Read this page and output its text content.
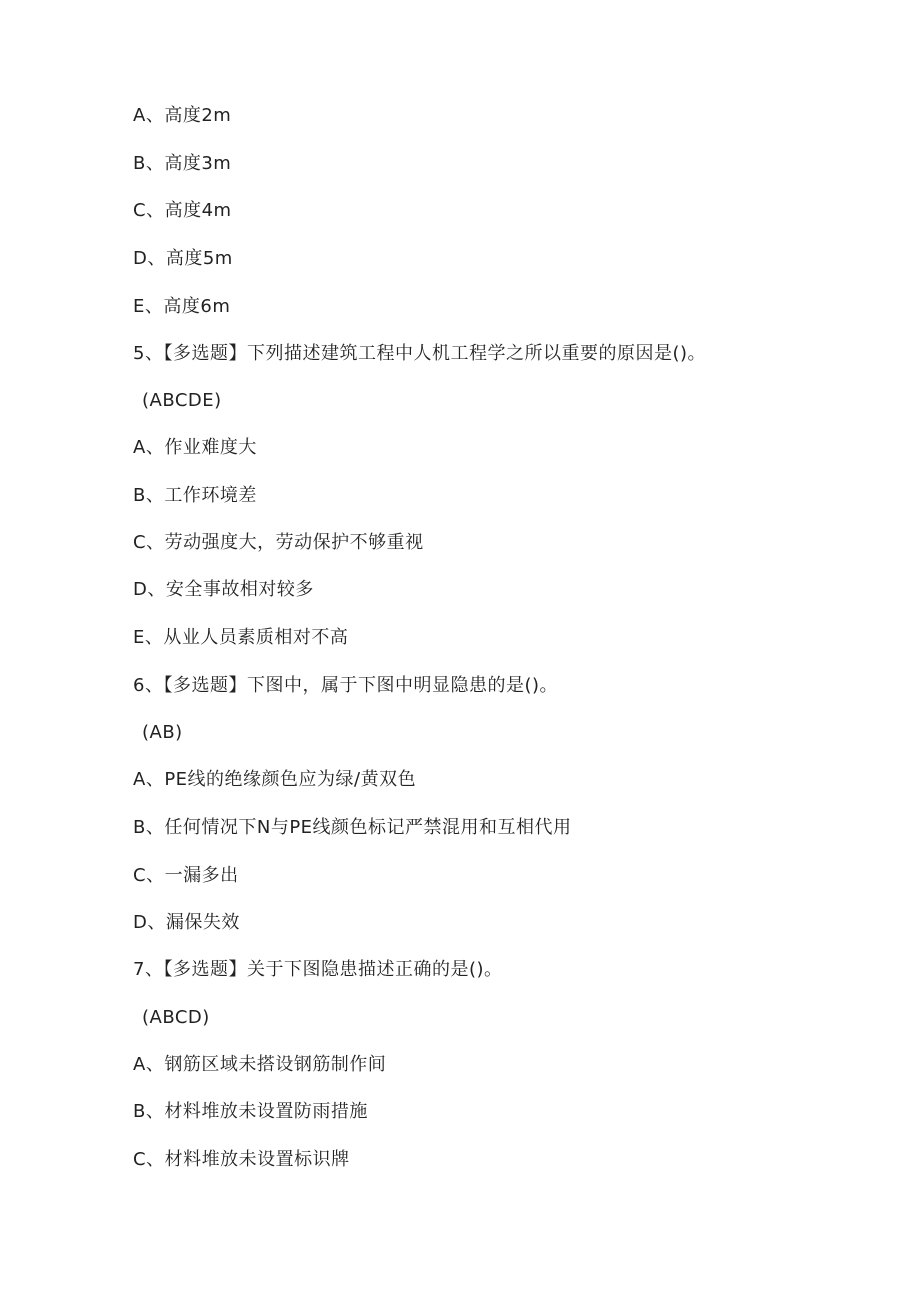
A、高度2m
B、高度3m
C、高度4m
D、高度5m
E、高度6m
5、【多选题】下列描述建筑工程中人机工程学之所以重要的原因是()。
(ABCDE)
A、作业难度大
B、工作环境差
C、劳动强度大，劳动保护不够重视
D、安全事故相对较多
E、从业人员素质相对不高
6、【多选题】下图中，属于下图中明显隐患的是()。
(AB)
A、PE线的绝缘颜色应为绿/黄双色
B、任何情况下N与PE线颜色标记严禁混用和互相代用
C、一漏多出
D、漏保失效
7、【多选题】关于下图隐患描述正确的是()。
(ABCD)
A、钢筋区域未搭设钢筋制作间
B、材料堆放未设置防雨措施
C、材料堆放未设置标识牌
